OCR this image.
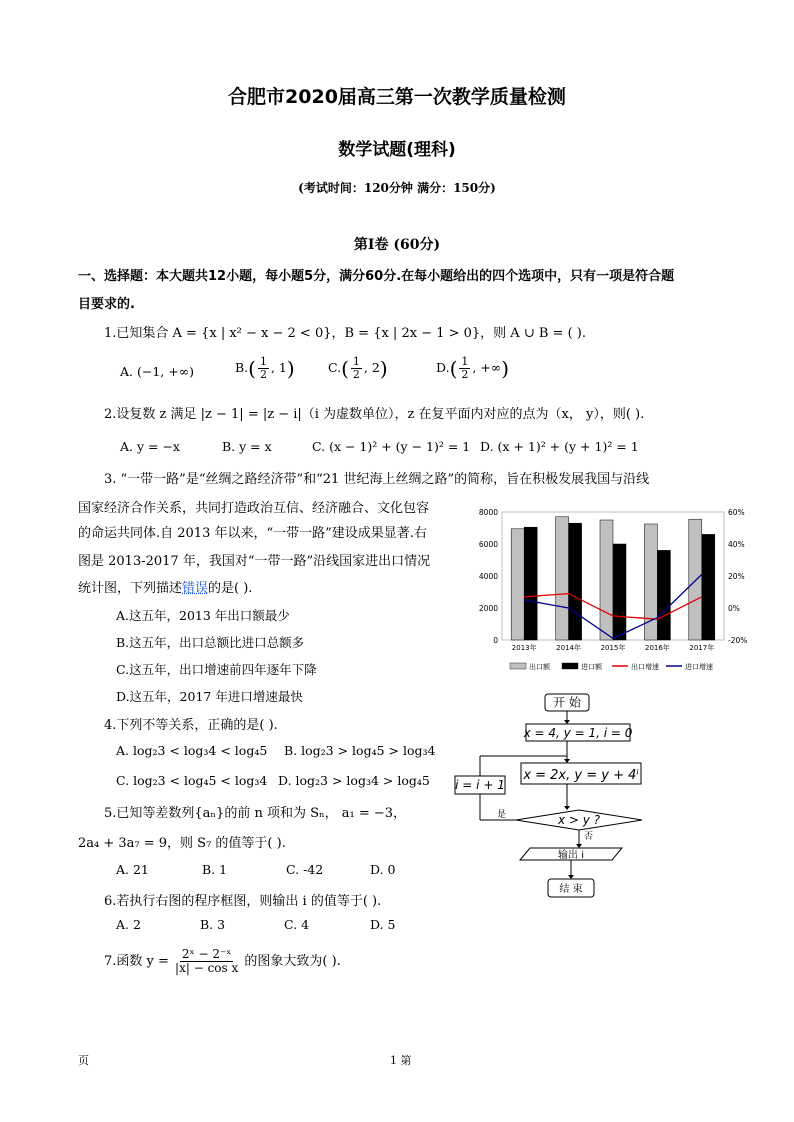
合肥市2020届高三第一次教学质量检测
数学试题(理科)
(考试时间：120分钟 满分：150分)
第Ⅰ卷 (60分)
一、选择题：本大题共12小题，每小题5分，满分60分.在每小题给出的四个选项中，只有一项是符合题
目要求的.
1.已知集合 A = {x | x² − x − 2 < 0}，B = {x | 2x − 1 > 0}，则 A ∪ B = ( ).
A. (−1, +∞)	$B.( \frac{1}{2}$ , 1)	$C.( \frac{1}{2}$ , 2)	$D.( \frac{1}{2}$ , +∞)
2.设复数 z 满足 |z − 1| = |z − i|（i 为虚数单位），z 在复平面内对应的点为（x， y），则( ).
A. y = −x	B. y = x	C. (x − 1)² + (y − 1)² = 1 D. (x + 1)² + (y + 1)² = 1
3. “一带一路”是“丝绸之路经济带”和“21 世纪海上丝绸之路”的简称，旨在积极发展我国与沿线
国家经济合作关系，共同打造政治互信、经济融合、文化包容
的命运共同体.自 2013 年以来，“一带一路”建设成果显著.右
图是 2013-2017 年，我国对“一带一路”沿线国家进出口情况
统计图，下列描述错误的是( ).
A.这五年，2013 年出口额最少
B.这五年，出口总额比进口总额多
C.这五年，出口增速前四年逐年下降
D.这五年，2017 年进口增速最快
8000
6000
4000
2000
0
60%
40%
20%
0%
-20%
2013年	2014年	2015年	2016年	2017年
出口额	进口额	出口增速	进口增速
4.下列不等关系，正确的是( ).
A. log₂3 < log₃4 < log₄5 B. log₂3 > log₄5 > log₃4
C. log₂3 < log₄5 < log₃4 D. log₂3 > log₃4 > log₄5
5.已知等差数列{aₙ}的前 n 项和为 Sₙ， a₁ = −3，
2a₄ + 3a₇ = 9，则 S₇ 的值等于( ).
A. 21	B. 1	C. -42	D. 0
6.若执行右图的程序框图，则输出 i 的值等于( ).
A. 2	B. 3	C. 4	D. 5
7.函数 $y = \frac{\text{2ˣ − 2⁻ˣ}}{\text{|x| − cos x}}$ 的图象大致为( ).
开 始
x = 4, y = 1, i = 0
x = 2x, y = y + 4ⁱ
x > y ?
是
i = i + 1
否
输出 i
结 束
页	1 第
